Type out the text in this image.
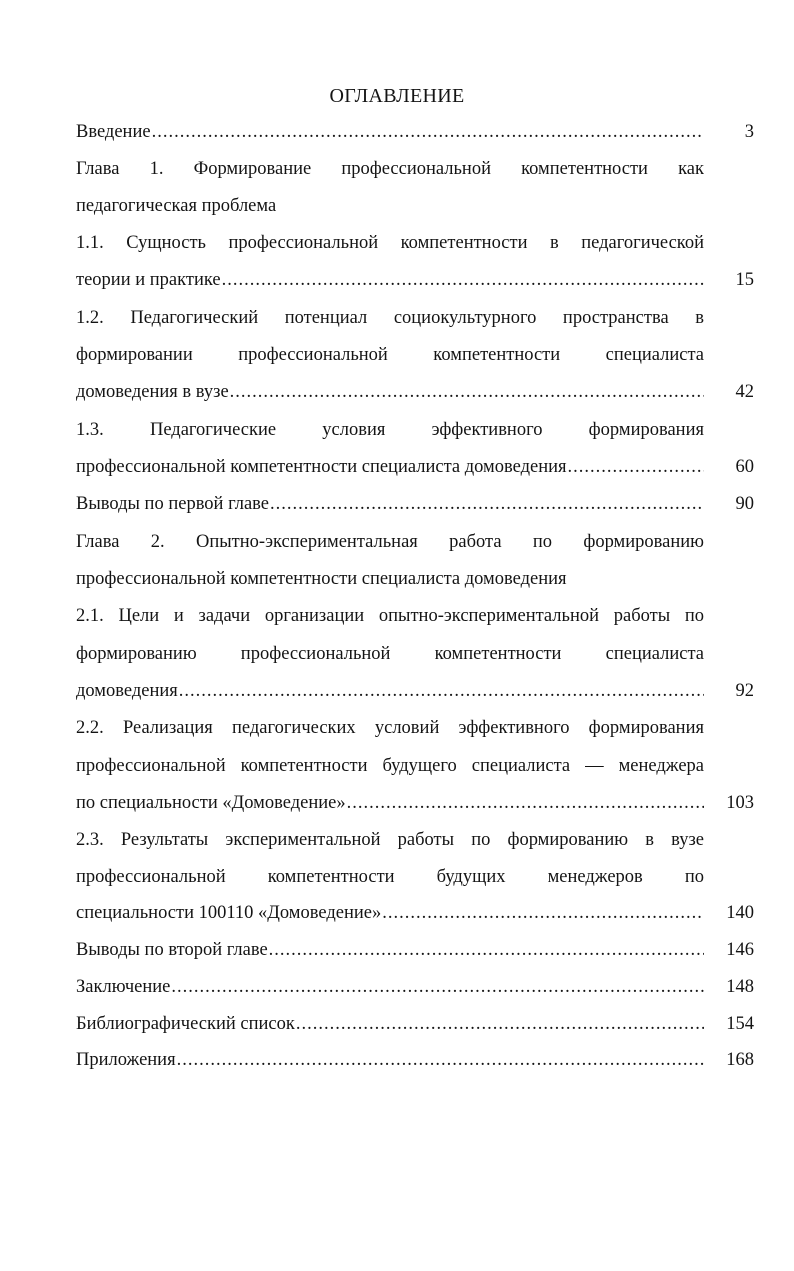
ОГЛАВЛЕНИЕ
Введение .....	3
Глава 1. Формирование профессиональной компетентности как
педагогическая проблема
1.1. Сущность профессиональной компетентности в педагогической
теории и практике .....	15
1.2. Педагогический потенциал социокультурного пространства в
формировании профессиональной компетентности специалиста
домоведения в вузе .....	42
1.3. Педагогические условия эффективного формирования
профессиональной компетентности специалиста домоведения .....	60
Выводы по первой главе .....	90
Глава 2. Опытно-экспериментальная работа по формированию
профессиональной компетентности специалиста домоведения
2.1. Цели и задачи организации опытно-экспериментальной работы по
формированию профессиональной компетентности специалиста
домоведения .....	92
2.2. Реализация педагогических условий эффективного формирования
профессиональной компетентности будущего специалиста — менеджера
по специальности «Домоведение» .....	103
2.3. Результаты экспериментальной работы по формированию в вузе
профессиональной компетентности будущих менеджеров по
специальности 100110 «Домоведение» .....	140
Выводы по второй главе .....	146
Заключение .....	148
Библиографический список .....	154
Приложения .....	168
